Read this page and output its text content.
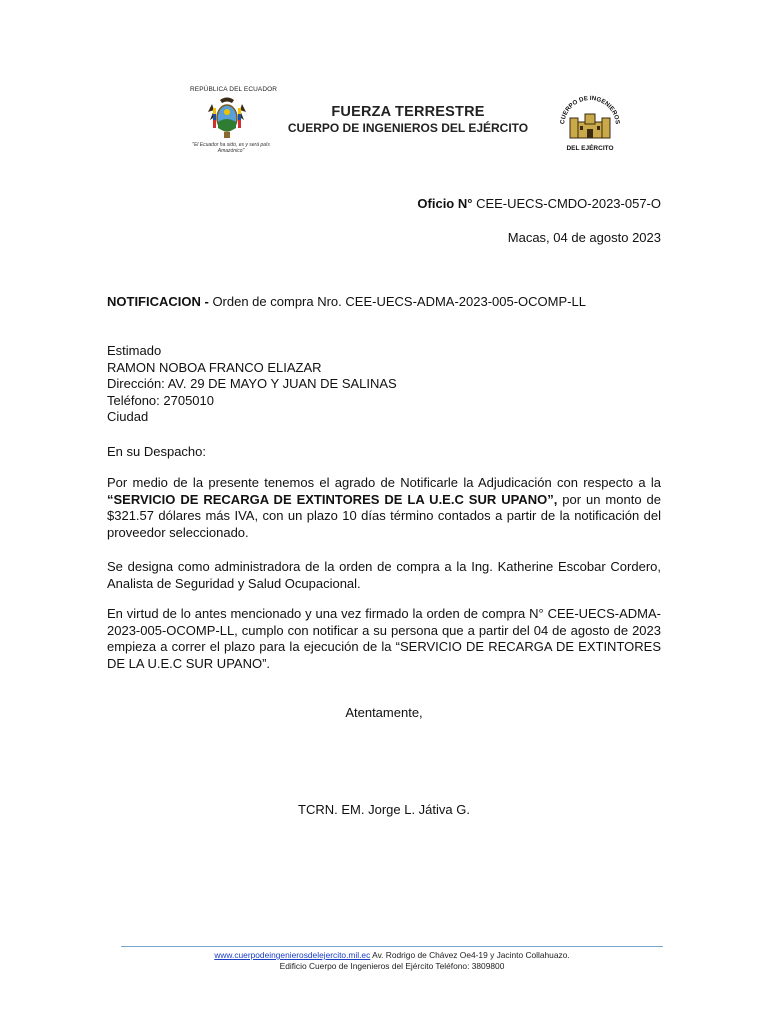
REPÚBLICA DEL ECUADOR
"El Ecuador ha sido, es y será país Amazónico"
FUERZA TERRESTRE
CUERPO DE INGENIEROS DEL EJÉRCITO	CUERPO DE INGENIEROS
DEL EJÉRCITO
Oficio N° CEE-UECS-CMDO-2023-057-O
Macas, 04 de agosto 2023
NOTIFICACION - Orden de compra Nro. CEE-UECS-ADMA-2023-005-OCOMP-LL
Estimado
RAMON NOBOA FRANCO ELIAZAR
Dirección: AV. 29 DE MAYO Y JUAN DE SALINAS
Teléfono: 2705010
Ciudad
En su Despacho:
Por medio de la presente tenemos el agrado de Notificarle la Adjudicación con respecto a la “SERVICIO DE RECARGA DE EXTINTORES DE LA U.E.C SUR UPANO”, por un monto de $321.57 dólares más IVA, con un plazo 10 días término contados a partir de la notificación del proveedor seleccionado.
Se designa como administradora de la orden de compra a la Ing. Katherine Escobar Cordero, Analista de Seguridad y Salud Ocupacional.
En virtud de lo antes mencionado y una vez firmado la orden de compra N° CEE-UECS-ADMA-2023-005-OCOMP-LL, cumplo con notificar a su persona que a partir del 04 de agosto de 2023 empieza a correr el plazo para la ejecución de la “SERVICIO DE RECARGA DE EXTINTORES DE LA U.E.C SUR UPANO”.
Atentamente,
TCRN. EM. Jorge L. Játiva G.
www.cuerpodeingenierosdelejercito.mil.ec Av. Rodrigo de Chávez Oe4-19 y Jacinto Collahuazo.
Edificio Cuerpo de Ingenieros del Ejército Teléfono: 3809800
